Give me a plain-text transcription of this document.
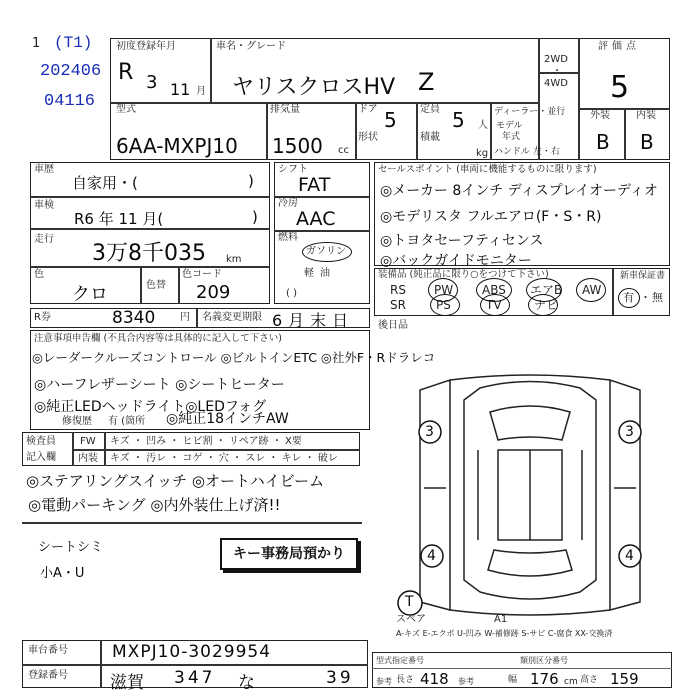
1 (T1)
202406
04116
初度登録年月
R 3 11 月
車名・グレード
ヤリスクロスHV Z
2WD
・
4WD
評価点
5
型式
6AA-MXPJ10
排気量
1500 cc
ドア 5
形状
定員 5 人
積載
kg
ディーラー・並行
モデル
年式
ハンドル 左・右
外装	内装
B B
車歴
自家用・(	)
車検
R6 年 11 月(	)
走行
3万8千035 km
色
クロ	色替
色コード
209
シフト
FAT
冷房
AAC
燃料
ガソリン
軽油
( )
セールスポイント (車両に機能するものに限ります)
◎メーカー 8インチ ディスプレイオーディオ
◎モデリスタ フルエアロ(F・S・R)
◎トヨタセーフティセンス
◎バックガイドモニター
装備品 (純正品に限り○をつけて下さい)
RS PW ABS エアB AW
SR	PS	TV	ナビ
新車保証書
有 ・ 無
R券	8340 円 名義変更期限 6月末日 後日品
注意事項申告欄 (不具合内容等は具体的に記入して下さい)
◎レーダークルーズコントロール ◎ビルトインETC ◎社外F・Rドラレコ
◎ハーフレザーシート ◎シートヒーター
◎純正LEDヘッドライト◎LEDフォグ
修復歴 有 (箇所 ◎純正18インチAW
検査員
記入欄
FW
内装
キズ ・ 凹み ・ ヒビ割 ・ リペア跡 ・ X要
キズ ・ 汚レ ・ コゲ ・ 穴 ・ スレ ・ キレ ・ 破レ
◎ステアリングスイッチ ◎オートハイビーム
◎電動パーキング ◎内外装仕上げ済!!
シートシミ
小A・U
キー事務局預かり
3	3
4	4
T
スペア	A1
A-キズ E-エクボ U-凹み W-補修跡 S-サビ C-腐食 XX-交換済
車台番号	MXPJ10-3029954
登録番号 滋賀 347 な	39
型式指定番号	類別区分番号
参考 長さ 418 参考	幅 176 cm 高さ 159
